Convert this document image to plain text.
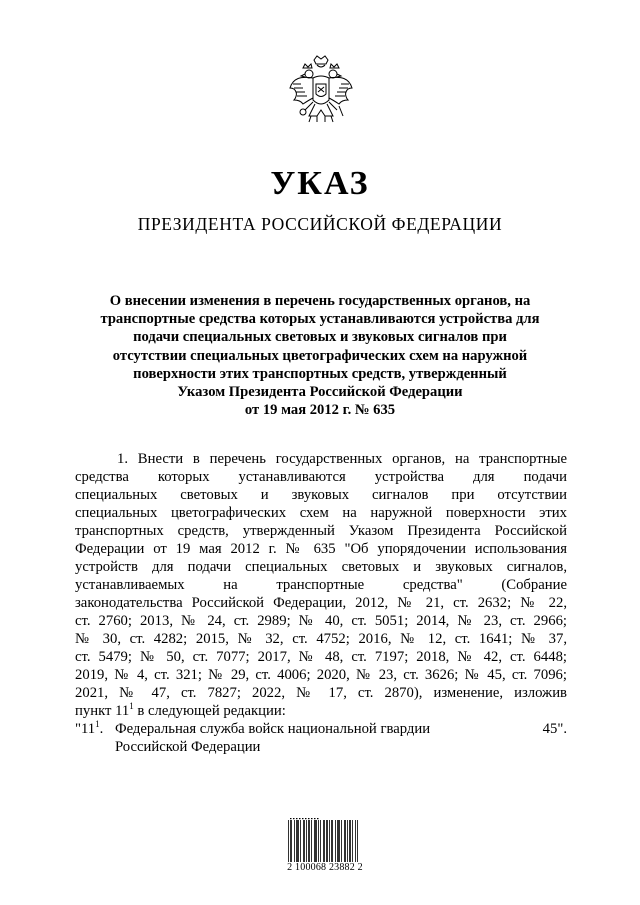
УКАЗ
ПРЕЗИДЕНТА РОССИЙСКОЙ ФЕДЕРАЦИИ
О внесении изменения в перечень государственных органов, на
транспортные средства которых устанавливаются устройства для
подачи специальных световых и звуковых сигналов при
отсутствии специальных цветографических схем на наружной
поверхности этих транспортных средств, утвержденный
Указом Президента Российской Федерации
от 19 мая 2012 г. № 635
1. Внести в перечень государственных органов, на транспортные
средства которых устанавливаются устройства для подачи
специальных световых и звуковых сигналов при отсутствии
специальных цветографических схем на наружной поверхности этих
транспортных средств, утвержденный Указом Президента Российской
Федерации от 19 мая 2012 г. № 635 "Об упорядочении использования
устройств для подачи специальных световых и звуковых сигналов,
устанавливаемых на транспортные средства" (Собрание
законодательства Российской Федерации, 2012, № 21, ст. 2632; № 22,
ст. 2760; 2013, № 24, ст. 2989; № 40, ст. 5051; 2014, № 23, ст. 2966;
№ 30, ст. 4282; 2015, № 32, ст. 4752; 2016, № 12, ст. 1641; № 37,
ст. 5479; № 50, ст. 7077; 2017, № 48, ст. 7197; 2018, № 42, ст. 6448;
2019, № 4, ст. 321; № 29, ст. 4006; 2020, № 23, ст. 3626; № 45, ст. 7096;
2021, № 47, ст. 7827; 2022, № 17, ст. 2870), изменение, изложив
пункт $11^1$ в следующей редакции:
"$11^1$. Федеральная служба войск национальной гвардии	45".
Российской Федерации
2 100068 23882 2
